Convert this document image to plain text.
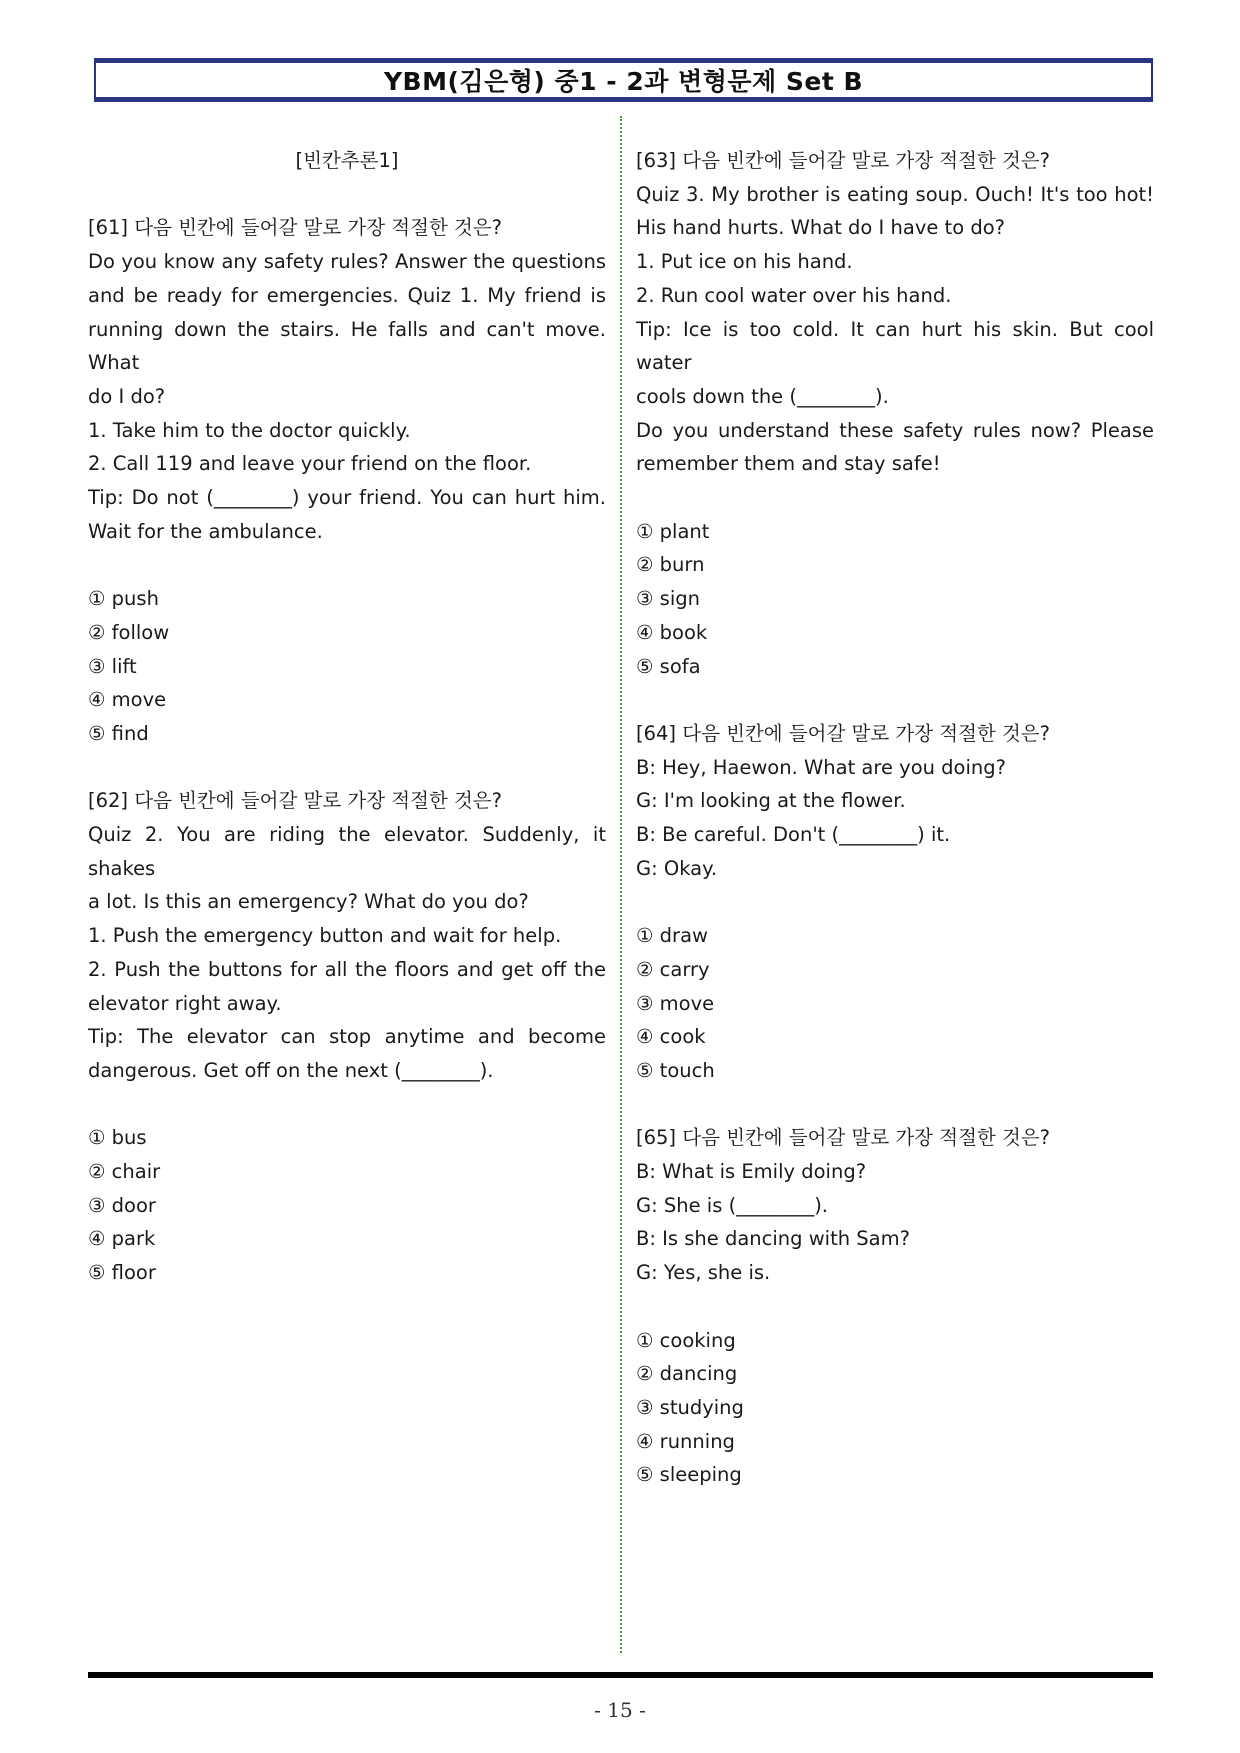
YBM(김은형) 중1 - 2과 변형문제 Set B
[빈칸추론1]
[61] 다음 빈칸에 들어갈 말로 가장 적절한 것은?
Do you know any safety rules? Answer the questions
and be ready for emergencies. Quiz 1. My friend is
running down the stairs. He falls and can't move. What
do I do?
1. Take him to the doctor quickly.
2. Call 119 and leave your friend on the floor.
Tip: Do not (________) your friend. You can hurt him.
Wait for the ambulance.
① push
② follow
③ lift
④ move
⑤ find
[62] 다음 빈칸에 들어갈 말로 가장 적절한 것은?
Quiz 2. You are riding the elevator. Suddenly, it shakes
a lot. Is this an emergency? What do you do?
1. Push the emergency button and wait for help.
2. Push the buttons for all the floors and get off the
elevator right away.
Tip: The elevator can stop anytime and become
dangerous. Get off on the next (________).
① bus
② chair
③ door
④ park
⑤ floor
[63] 다음 빈칸에 들어갈 말로 가장 적절한 것은?
Quiz 3. My brother is eating soup. Ouch! It's too hot!
His hand hurts. What do I have to do?
1. Put ice on his hand.
2. Run cool water over his hand.
Tip: Ice is too cold. It can hurt his skin. But cool water
cools down the (________).
Do you understand these safety rules now? Please
remember them and stay safe!
① plant
② burn
③ sign
④ book
⑤ sofa
[64] 다음 빈칸에 들어갈 말로 가장 적절한 것은?
B: Hey, Haewon. What are you doing?
G: I'm looking at the flower.
B: Be careful. Don't (________) it.
G: Okay.
① draw
② carry
③ move
④ cook
⑤ touch
[65] 다음 빈칸에 들어갈 말로 가장 적절한 것은?
B: What is Emily doing?
G: She is (________).
B: Is she dancing with Sam?
G: Yes, she is.
① cooking
② dancing
③ studying
④ running
⑤ sleeping
- 15 -
